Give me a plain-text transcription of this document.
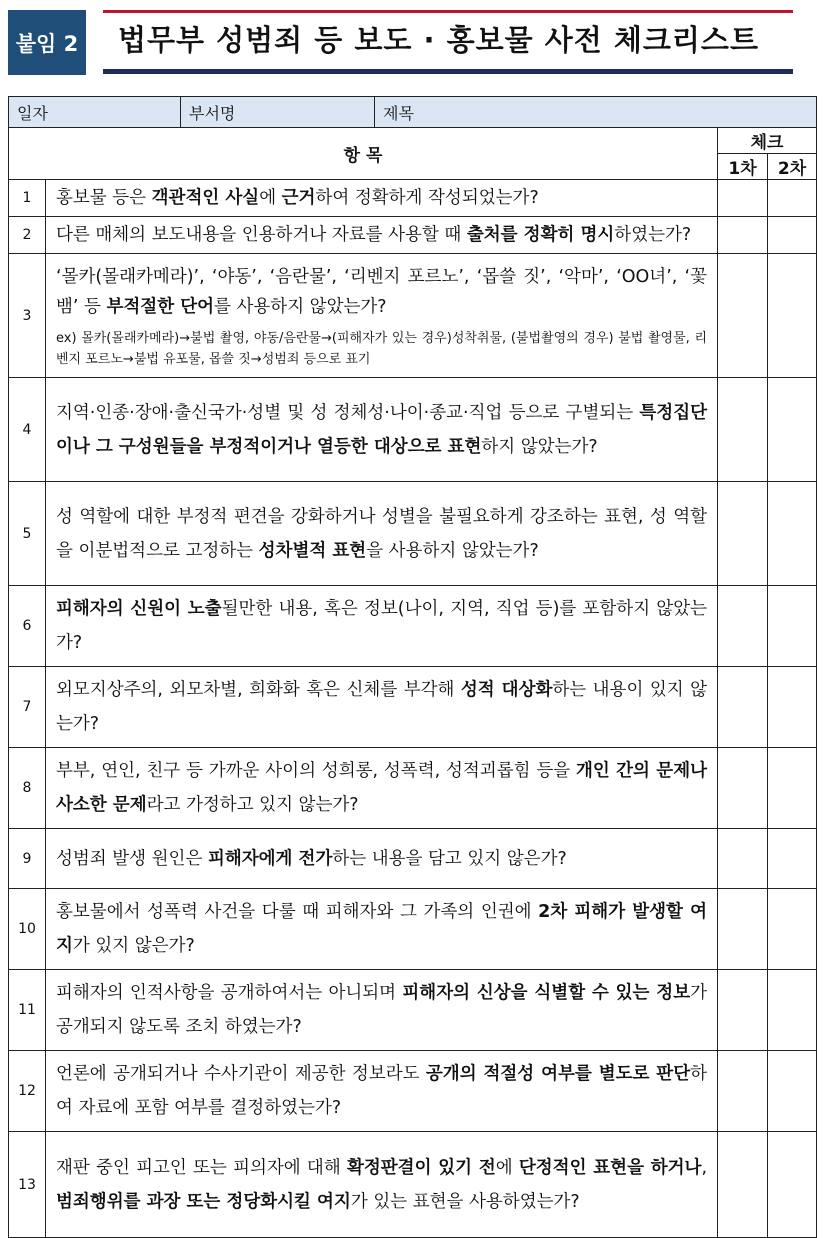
붙임 2 법무부 성범죄 등 보도 · 홍보물 사전 체크리스트
일자		부서명	제목		
항 목				체크	
				1차	2차
1	홍보물 등은 객관적인 사실에 근거하여 정확하게 작성되었는가?				
2	다른 매체의 보도내용을 인용하거나 자료를 사용할 때 출처를 정확히 명시하였는가?				
3	‘몰카(몰래카메라)’, ‘야동’, ‘음란물’, ‘리벤지 포르노’, ‘몹쓸 짓’, ‘악마’, ‘OO녀’, ‘꽃뱀’ 등 부적절한 단어를 사용하지 않았는가?
ex) 몰카(몰래카메라)→불법 촬영, 야동/음란물→(피해자가 있는 경우)성착취물, (불법촬영의 경우) 불법 촬영물, 리벤지 포르노→불법 유포물, 몹쓸 짓→성범죄 등으로 표기				

4	지역·인종·장애·출신국가·성별 및 성 정체성·나이·종교·직업 등으로 구별되는 특정집단이나 그 구성원들을 부정적이거나 열등한 대상으로 표현하지 않았는가?				
5	성 역할에 대한 부정적 편견을 강화하거나 성별을 불필요하게 강조하는 표현, 성 역할을 이분법적으로 고정하는 성차별적 표현을 사용하지 않았는가?				
6	피해자의 신원이 노출될만한 내용, 혹은 정보(나이, 지역, 직업 등)를 포함하지 않았는가?				
7	외모지상주의, 외모차별, 희화화 혹은 신체를 부각해 성적 대상화하는 내용이 있지 않는가?				
8	부부, 연인, 친구 등 가까운 사이의 성희롱, 성폭력, 성적괴롭힘 등을 개인 간의 문제나 사소한 문제라고 가정하고 있지 않는가?				
9	성범죄 발생 원인은 피해자에게 전가하는 내용을 담고 있지 않은가?				
10	홍보물에서 성폭력 사건을 다룰 때 피해자와 그 가족의 인권에 2차 피해가 발생할 여지가 있지 않은가?				
11	피해자의 인적사항을 공개하여서는 아니되며 피해자의 신상을 식별할 수 있는 정보가 공개되지 않도록 조치 하였는가?				
12	언론에 공개되거나 수사기관이 제공한 정보라도 공개의 적절성 여부를 별도로 판단하여 자료에 포함 여부를 결정하였는가?				
13	재판 중인 피고인 또는 피의자에 대해 확정판결이 있기 전에 단정적인 표현을 하거나, 범죄행위를 과장 또는 정당화시킬 여지가 있는 표현을 사용하였는가?				
